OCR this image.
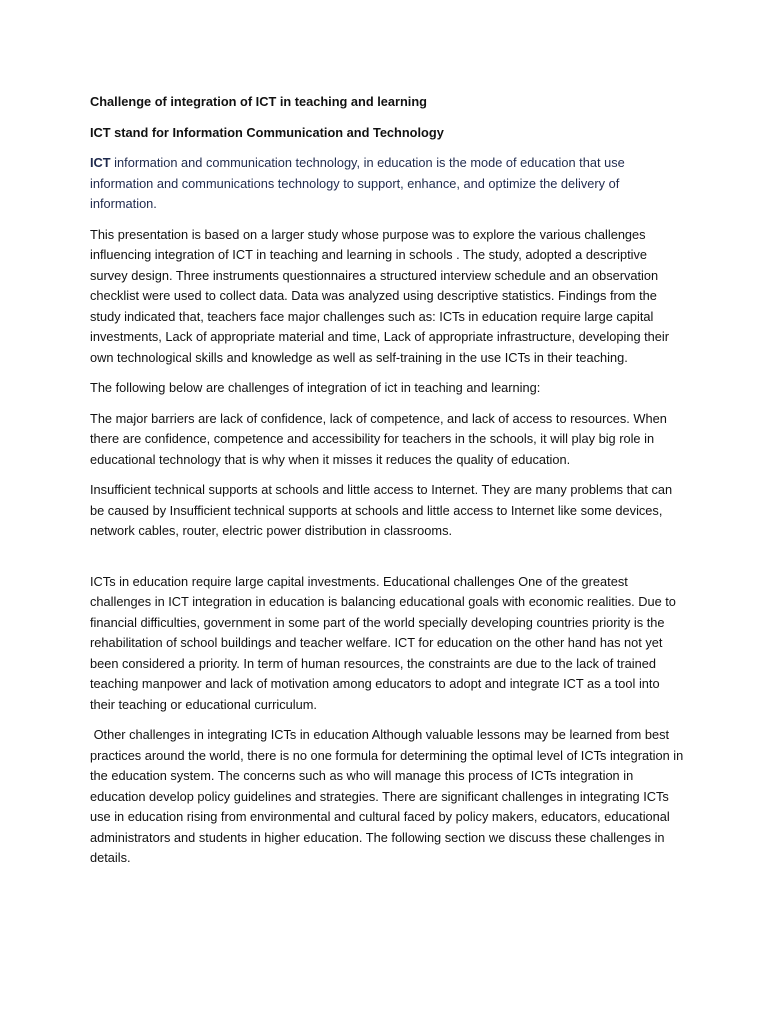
Challenge of integration of ICT in teaching and learning

ICT stand for Information Communication and Technology

ICT information and communication technology, in education is the mode of education that use information and communications technology to support, enhance, and optimize the delivery of information.

This presentation is based on a larger study whose purpose was to explore the various challenges influencing integration of ICT in teaching and learning in schools . The study, adopted a descriptive survey design. Three instruments questionnaires a structured interview schedule and an observation checklist were used to collect data. Data was analyzed using descriptive statistics. Findings from the study indicated that, teachers face major challenges such as: ICTs in education require large capital investments, Lack of appropriate material and time, Lack of appropriate infrastructure, developing their own technological skills and knowledge as well as self-training in the use ICTs in their teaching.

The following below are challenges of integration of ict in teaching and learning:

The major barriers are lack of confidence, lack of competence, and lack of access to resources. When there are confidence, competence and accessibility for teachers in the schools, it will play big role in educational technology that is why when it misses it reduces the quality of education.

Insufficient technical supports at schools and little access to Internet. They are many problems that can be caused by Insufficient technical supports at schools and little access to Internet like some devices, network cables, router, electric power distribution in classrooms.

ICTs in education require large capital investments. Educational challenges One of the greatest challenges in ICT integration in education is balancing educational goals with economic realities. Due to financial difficulties, government in some part of the world specially developing countries priority is the rehabilitation of school buildings and teacher welfare. ICT for education on the other hand has not yet been considered a priority. In term of human resources, the constraints are due to the lack of trained teaching manpower and lack of motivation among educators to adopt and integrate ICT as a tool into their teaching or educational curriculum.

Other challenges in integrating ICTs in education Although valuable lessons may be learned from best practices around the world, there is no one formula for determining the optimal level of ICTs integration in the education system. The concerns such as who will manage this process of ICTs integration in education develop policy guidelines and strategies. There are significant challenges in integrating ICTs use in education rising from environmental and cultural faced by policy makers, educators, educational administrators and students in higher education. The following section we discuss these challenges in details.
